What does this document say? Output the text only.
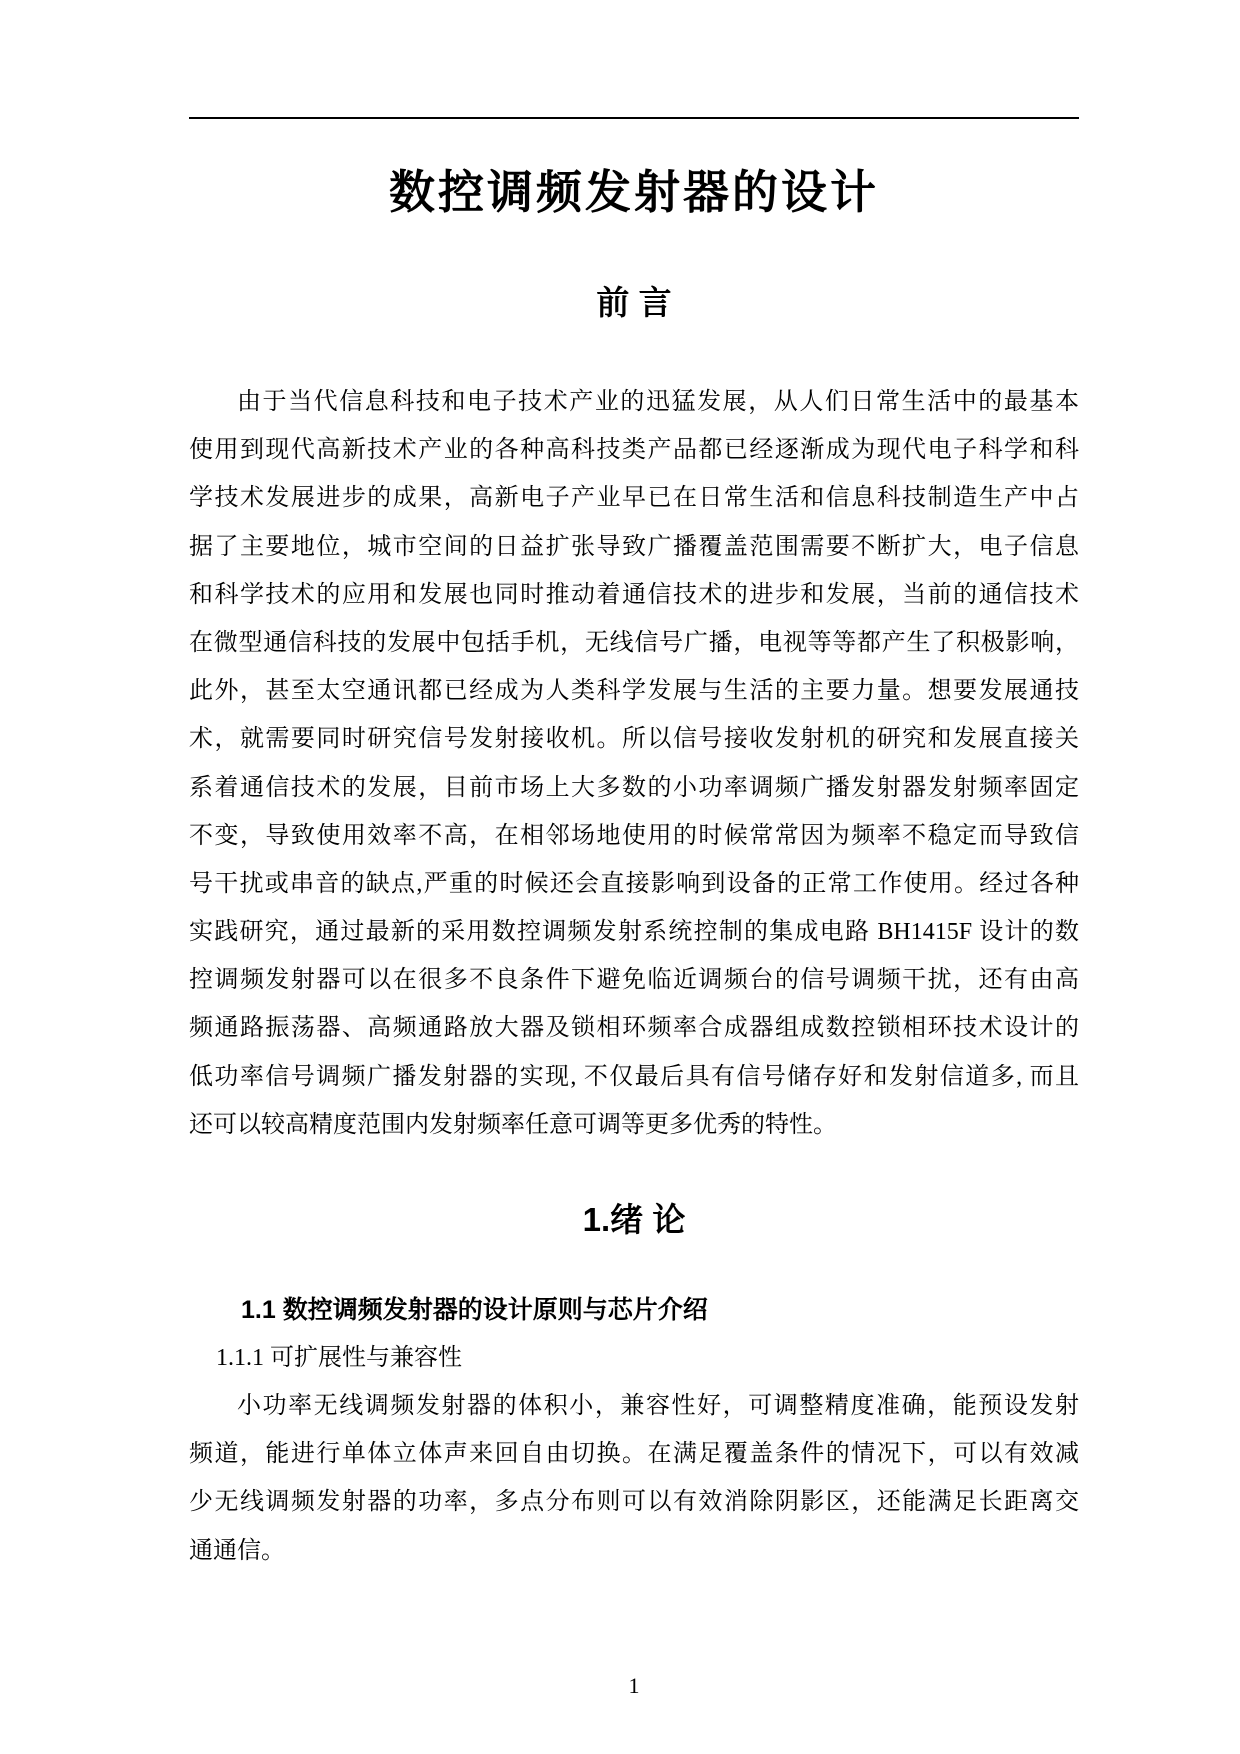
数控调频发射器的设计
前 言
由于当代信息科技和电子技术产业的迅猛发展，从人们日常生活中的最基本
使用到现代高新技术产业的各种高科技类产品都已经逐渐成为现代电子科学和科
学技术发展进步的成果，高新电子产业早已在日常生活和信息科技制造生产中占
据了主要地位，城市空间的日益扩张导致广播覆盖范围需要不断扩大，电子信息
和科学技术的应用和发展也同时推动着通信技术的进步和发展，当前的通信技术
在微型通信科技的发展中包括手机，无线信号广播，电视等等都产生了积极影响，
此外，甚至太空通讯都已经成为人类科学发展与生活的主要力量。想要发展通技
术，就需要同时研究信号发射接收机。所以信号接收发射机的研究和发展直接关
系着通信技术的发展，目前市场上大多数的小功率调频广播发射器发射频率固定
不变，导致使用效率不高，在相邻场地使用的时候常常因为频率不稳定而导致信
号干扰或串音的缺点,严重的时候还会直接影响到设备的正常工作使用。经过各种
实践研究，通过最新的采用数控调频发射系统控制的集成电路 BH1415F 设计的数
控调频发射器可以在很多不良条件下避免临近调频台的信号调频干扰，还有由高
频通路振荡器、高频通路放大器及锁相环频率合成器组成数控锁相环技术设计的
低功率信号调频广播发射器的实现, 不仅最后具有信号储存好和发射信道多, 而且
还可以较高精度范围内发射频率任意可调等更多优秀的特性。
1.绪 论
1.1 数控调频发射器的设计原则与芯片介绍
1.1.1 可扩展性与兼容性
小功率无线调频发射器的体积小，兼容性好，可调整精度准确，能预设发射
频道，能进行单体立体声来回自由切换。在满足覆盖条件的情况下，可以有效减
少无线调频发射器的功率，多点分布则可以有效消除阴影区，还能满足长距离交
通通信。
1
